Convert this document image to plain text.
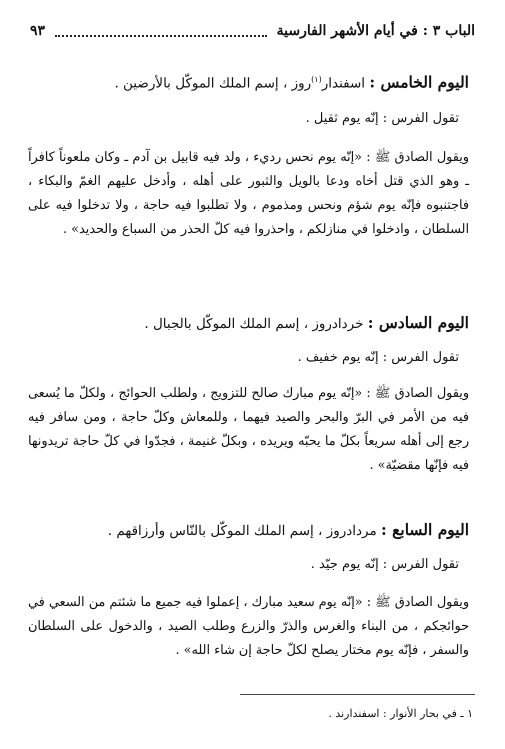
الباب ٣ : في أيام الأشهر الفارسية
٩٣
اليوم الخامس : اسفندار$^{(١)}$روز ، إسم الملك الموكّل بالأرضين .
تقول الفرس : إنّه يوم ثقيل .
ويقول الصادق ﷺ : «إنّه يوم نحس رديء ، ولد فيه قابيل بن آدم ـ وكان ملعوناً كافراً ـ وهو الذي قتل أخاه ودعا بالويل والثبور على أهله ، وأدخل عليهم الغمّ والبكاء ، فاجتنبوه فإنّه يوم شؤم ونحس ومذموم ، ولا تطلبوا فيه حاجة ، ولا تدخلوا فيه على السلطان ، وادخلوا في منازلكم ، واحذروا فيه كلّ الحذر من السباع والحديد» .
اليوم السادس : خردادروز ، إسم الملك الموكّل بالجبال .
تقول الفرس : إنّه يوم خفيف .
ويقول الصادق ﷺ : «إنّه يوم مبارك صالح للتزويج ، ولطلب الحوائج ، ولكلّ ما يُسعى فيه من الأمر في البرّ والبحر والصيد فيهما ، وللمعاش وكلّ حاجة ، ومن سافر فيه رجع إلى أهله سريعاً بكلّ ما يحبّه ويريده ، وبكلّ غنيمة ، فجدّوا في كلّ حاجة تريدونها فيه فإنّها مقضيّة» .
اليوم السابع : مردادروز ، إسم الملك الموكّل بالنّاس وأرزاقهم .
تقول الفرس : إنّه يوم جيّد .
ويقول الصادق ﷺ : «إنّه يوم سعيد مبارك ، إعملوا فيه جميع ما شئتم من السعي في حوائجكم ، من البناء والغرس والذرّ والزرع وطلب الصيد ، والدخول على السلطان والسفر ، فإنّه يوم مختار يصلح لكلّ حاجة إن شاء الله» .
١ ـ في بحار الأنوار : اسفندارند .
